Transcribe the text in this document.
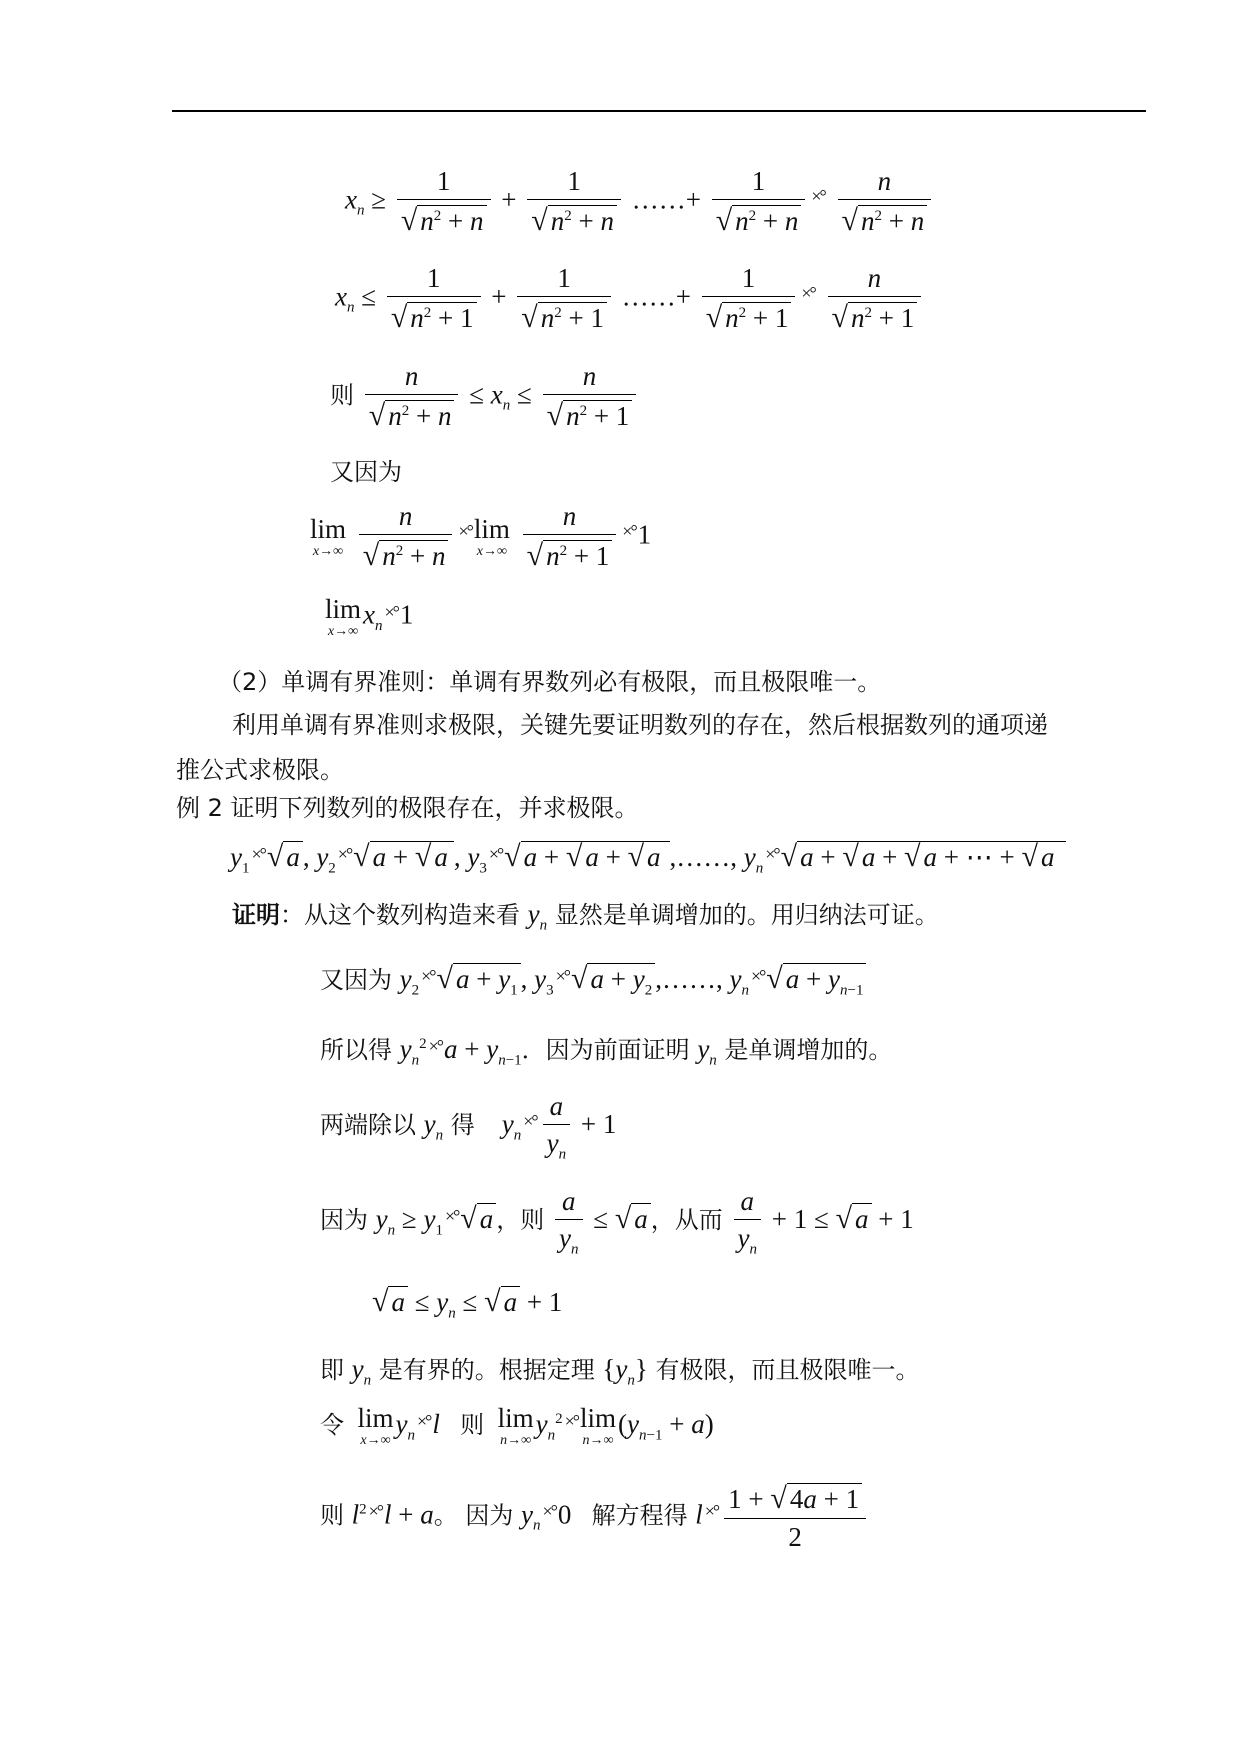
$x_n \ge \frac{1}{√ n^2 + n} + \frac{1}{√ n^2 + n}$ ……+ $\frac{1}{√ n^2 + n} ^{\times^\circ} \frac{n}{√ n^2 + n}$
$x_n \le \frac{1}{√ n^2 + 1} + \frac{1}{√ n^2 + 1}$ ……+ $\frac{1}{√ n^2 + 1} ^{\times^\circ} \frac{n}{√ n^2 + 1}$
则 $\frac{n}{√ n^2 + n} \le x_n \le \frac{n}{√ n^2 + 1}$
又因为
lim
x→∞
$\frac{n}{√ n^2 + n} ^{\times^\circ}$ lim
x→∞
$\frac{n}{√ n^2 + 1} ^{\times^\circ}1$
lim
x→∞
$x_n^{\times^\circ}1$
（2）单调有界准则：单调有界数列必有极限，而且极限唯一。
利用单调有界准则求极限，关键先要证明数列的存在，然后根据数列的通项递
推公式求极限。
例 2 证明下列数列的极限存在，并求极限。
$y_1^{\times^\circ}√$ a , $y_2^{\times^\circ}√$ a + √ a , $y_3^{\times^\circ}√$ a + √ a + √ a ,……, $y_n^{\times^\circ}√$ a + √ a + √ a + ⋯ + √ a
证明：从这个数列构造来看 $y_n$ 显然是单调增加的。用归纳法可证。
又因为 $y_2^{\times^\circ}√$ $a + y_1$ , $y_3^{\times^\circ}√$ $a + y_2$ ,……, $y_n^{\times^\circ}√$ $a + y_{n-1}$
所以得 $y_n^2$ $^{\times^\circ}a + y_{n-1}$．因为前面证明 $y_n$ 是单调增加的。
两端除以 $y_n$ 得 $y_n^{\times^\circ} \frac{a}{y_n} + 1$
因为 $y_n \ge y_1^{\times^\circ}√$ a ，则 $\frac{a}{y_n}$ ≤ √ a ，从而 $\frac{a}{y_n} + 1$ ≤ √ a + 1
√ $a \le y_n$ ≤ √ a + 1
即 $y_n$ 是有界的。根据定理 $\{y_n\}$ 有极限，而且极限唯一。
令 lim
x→∞
$y_n^{\times^\circ}l$ 则 lim
n→∞
$y_n^2$ ×° lim
n→∞
$(y_{n-1} + a)$
则 $l^2$ ×°l + a。 因为 $y_n^{\times^\circ}0$   解方程得 l $^{\times^\circ} \frac{1 + √ 4a + 1}{2}$
